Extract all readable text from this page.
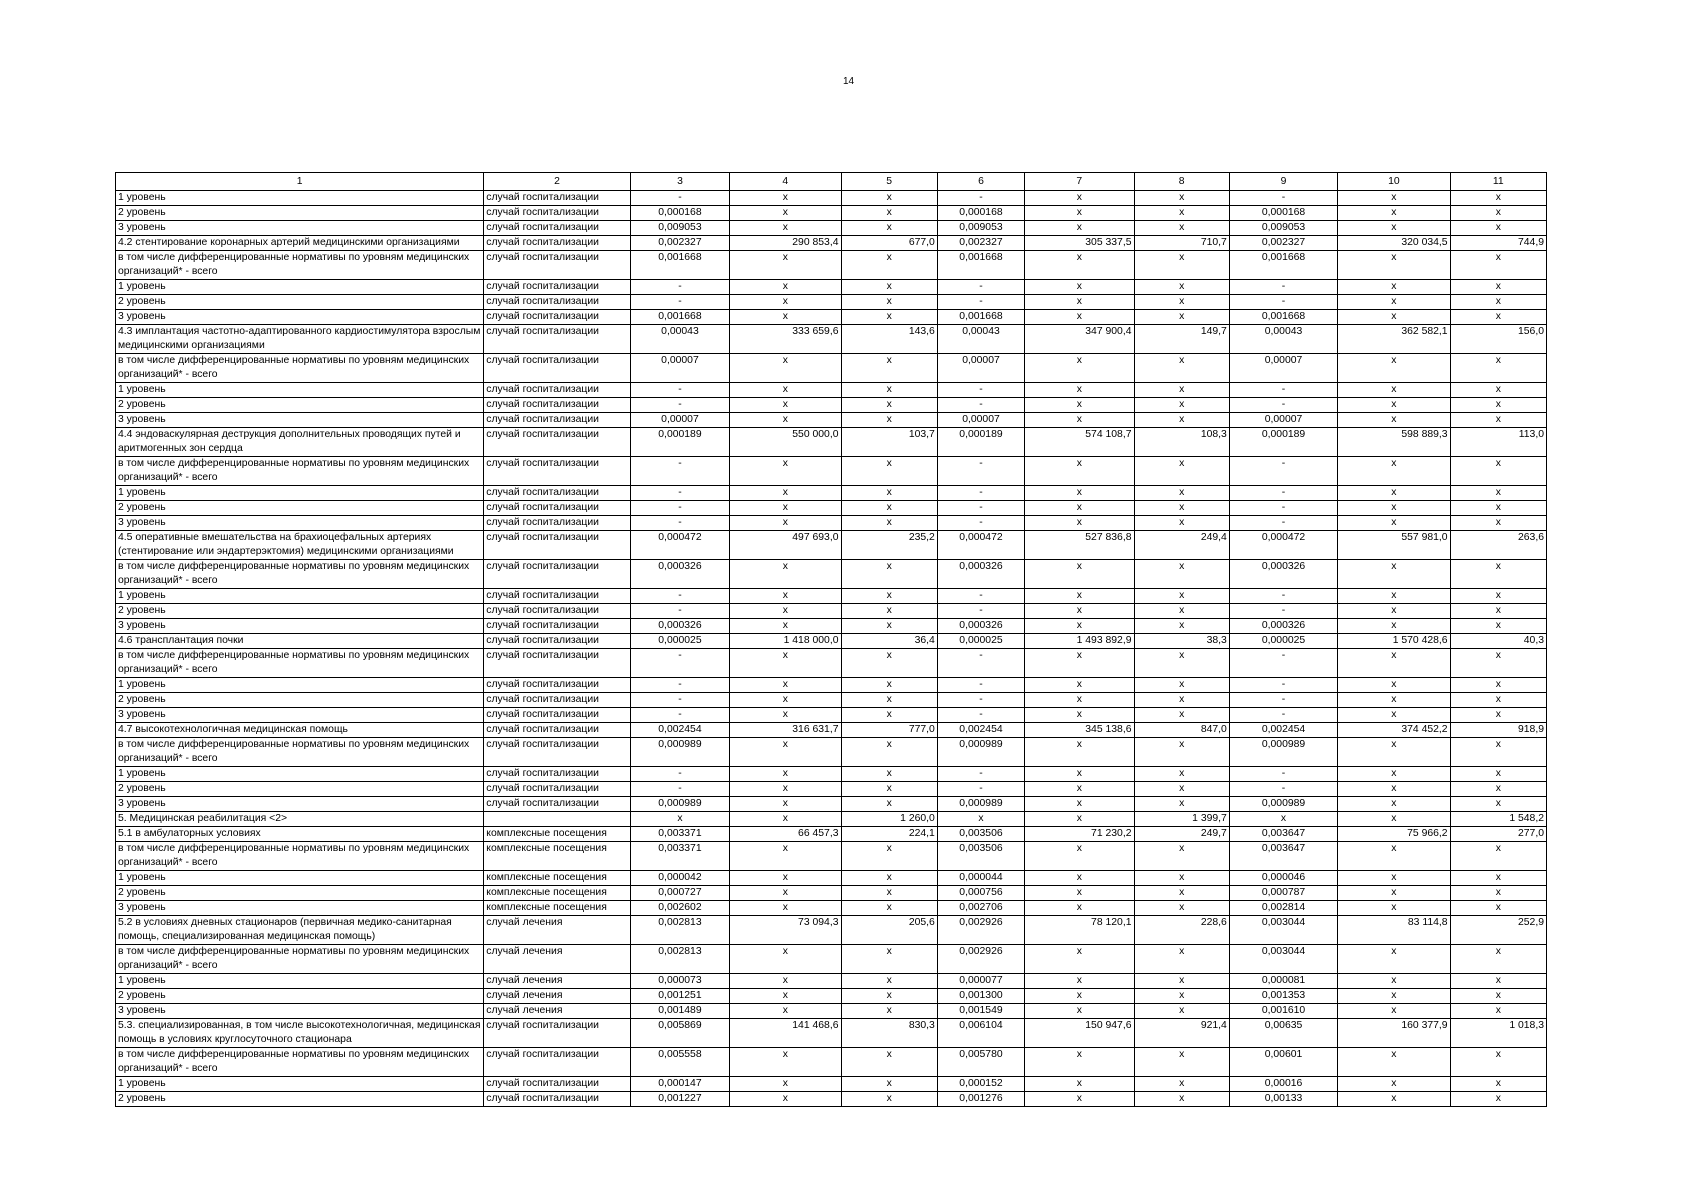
14
1	2	3	4	5	6	7	8	9	10	11
1 уровень	случай госпитализации	-	x	x	-	x	x	-	x	x
2 уровень	случай госпитализации	0,000168	x	x	0,000168	x	x	0,000168	x	x
3 уровень	случай госпитализации	0,009053	x	x	0,009053	x	x	0,009053	x	x
4.2 стентирование коронарных артерий медицинскими организациями	случай госпитализации	0,002327	290 853,4	677,0	0,002327	305 337,5	710,7	0,002327	320 034,5	744,9
в том числе дифференцированные нормативы по уровням медицинских организаций* - всего	случай госпитализации	0,001668	x	x	0,001668	x	x	0,001668	x	x
1 уровень	случай госпитализации	-	x	x	-	x	x	-	x	x
2 уровень	случай госпитализации	-	x	x	-	x	x	-	x	x
3 уровень	случай госпитализации	0,001668	x	x	0,001668	x	x	0,001668	x	x
4.3 имплантация частотно-адаптированного кардиостимулятора взрослым медицинскими организациями	случай госпитализации	0,00043	333 659,6	143,6	0,00043	347 900,4	149,7	0,00043	362 582,1	156,0
в том числе дифференцированные нормативы по уровням медицинских организаций* - всего	случай госпитализации	0,00007	x	x	0,00007	x	x	0,00007	x	x
1 уровень	случай госпитализации	-	x	x	-	x	x	-	x	x
2 уровень	случай госпитализации	-	x	x	-	x	x	-	x	x
3 уровень	случай госпитализации	0,00007	x	x	0,00007	x	x	0,00007	x	x
4.4 эндоваскулярная деструкция дополнительных проводящих путей и аритмогенных зон сердца	случай госпитализации	0,000189	550 000,0	103,7	0,000189	574 108,7	108,3	0,000189	598 889,3	113,0
в том числе дифференцированные нормативы по уровням медицинских организаций* - всего	случай госпитализации	-	x	x	-	x	x	-	x	x
1 уровень	случай госпитализации	-	x	x	-	x	x	-	x	x
2 уровень	случай госпитализации	-	x	x	-	x	x	-	x	x
3 уровень	случай госпитализации	-	x	x	-	x	x	-	x	x
4.5 оперативные вмешательства на брахиоцефальных артериях (стентирование или эндартерэктомия) медицинскими организациями	случай госпитализации	0,000472	497 693,0	235,2	0,000472	527 836,8	249,4	0,000472	557 981,0	263,6
в том числе дифференцированные нормативы по уровням медицинских организаций* - всего	случай госпитализации	0,000326	x	x	0,000326	x	x	0,000326	x	x
1 уровень	случай госпитализации	-	x	x	-	x	x	-	x	x
2 уровень	случай госпитализации	-	x	x	-	x	x	-	x	x
3 уровень	случай госпитализации	0,000326	x	x	0,000326	x	x	0,000326	x	x
4.6 трансплантация почки	случай госпитализации	0,000025	1 418 000,0	36,4	0,000025	1 493 892,9	38,3	0,000025	1 570 428,6	40,3
в том числе дифференцированные нормативы по уровням медицинских организаций* - всего	случай госпитализации	-	x	x	-	x	x	-	x	x
1 уровень	случай госпитализации	-	x	x	-	x	x	-	x	x
2 уровень	случай госпитализации	-	x	x	-	x	x	-	x	x
3 уровень	случай госпитализации	-	x	x	-	x	x	-	x	x
4.7 высокотехнологичная медицинская помощь	случай госпитализации	0,002454	316 631,7	777,0	0,002454	345 138,6	847,0	0,002454	374 452,2	918,9
в том числе дифференцированные нормативы по уровням медицинских организаций* - всего	случай госпитализации	0,000989	x	x	0,000989	x	x	0,000989	x	x
1 уровень	случай госпитализации	-	x	x	-	x	x	-	x	x
2 уровень	случай госпитализации	-	x	x	-	x	x	-	x	x
3 уровень	случай госпитализации	0,000989	x	x	0,000989	x	x	0,000989	x	x
5. Медицинская реабилитация <2>		x	x	1 260,0	x	x	1 399,7	x	x	1 548,2
5.1 в амбулаторных условиях	комплексные посещения	0,003371	66 457,3	224,1	0,003506	71 230,2	249,7	0,003647	75 966,2	277,0
в том числе дифференцированные нормативы по уровням медицинских организаций* - всего	комплексные посещения	0,003371	x	x	0,003506	x	x	0,003647	x	x
1 уровень	комплексные посещения	0,000042	x	x	0,000044	x	x	0,000046	x	x
2 уровень	комплексные посещения	0,000727	x	x	0,000756	x	x	0,000787	x	x
3 уровень	комплексные посещения	0,002602	x	x	0,002706	x	x	0,002814	x	x
5.2 в условиях дневных стационаров (первичная медико-санитарная помощь, специализированная медицинская помощь)	случай лечения	0,002813	73 094,3	205,6	0,002926	78 120,1	228,6	0,003044	83 114,8	252,9
в том числе дифференцированные нормативы по уровням медицинских организаций* - всего	случай лечения	0,002813	x	x	0,002926	x	x	0,003044	x	x
1 уровень	случай лечения	0,000073	x	x	0,000077	x	x	0,000081	x	x
2 уровень	случай лечения	0,001251	x	x	0,001300	x	x	0,001353	x	x
3 уровень	случай лечения	0,001489	x	x	0,001549	x	x	0,001610	x	x
5.3. специализированная, в том числе высокотехнологичная, медицинская помощь в условиях круглосуточного стационара	случай госпитализации	0,005869	141 468,6	830,3	0,006104	150 947,6	921,4	0,00635	160 377,9	1 018,3
в том числе дифференцированные нормативы по уровням медицинских организаций* - всего	случай госпитализации	0,005558	x	x	0,005780	x	x	0,00601	x	x
1 уровень	случай госпитализации	0,000147	x	x	0,000152	x	x	0,00016	x	x
2 уровень	случай госпитализации	0,001227	x	x	0,001276	x	x	0,00133	x	x
